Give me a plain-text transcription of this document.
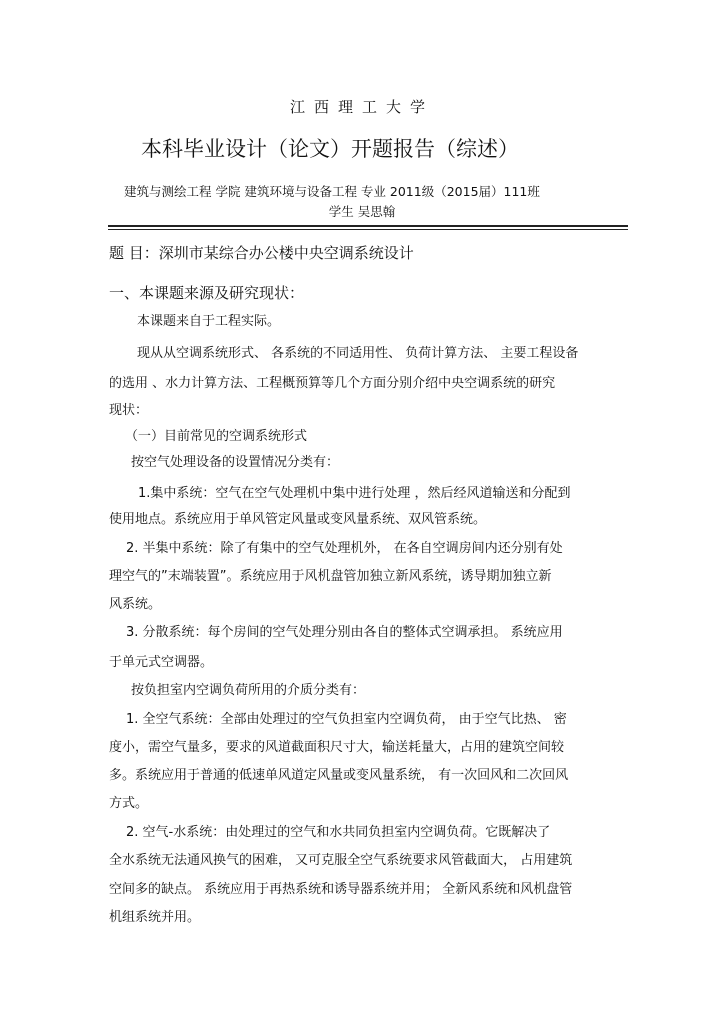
江西理工大学
本科毕业设计（论文）开题报告（综述）
建筑与测绘工程 学院 建筑环境与设备工程 专业 2011级（2015届）111班
学生 吴思翰
题 目：深圳市某综合办公楼中央空调系统设计
一、本课题来源及研究现状：
本课题来自于工程实际。
现从从空调系统形式、 各系统的不同适用性、 负荷计算方法、 主要工程设备
的选用 、水力计算方法、工程概预算等几个方面分别介绍中央空调系统的研究
现状：
（一）目前常见的空调系统形式
按空气处理设备的设置情况分类有：
1.集中系统：空气在空气处理机中集中进行处理 ，然后经风道输送和分配到
使用地点。系统应用于单风管定风量或变风量系统、双风管系统。
2. 半集中系统：除了有集中的空气处理机外， 在各自空调房间内还分别有处
理空气的”末端装置”。系统应用于风机盘管加独立新风系统，诱导期加独立新
风系统。
3. 分散系统：每个房间的空气处理分别由各自的整体式空调承担。 系统应用
于单元式空调器。
按负担室内空调负荷所用的介质分类有：
1. 全空气系统：全部由处理过的空气负担室内空调负荷， 由于空气比热、 密
度小，需空气量多，要求的风道截面积尺寸大，输送耗量大，占用的建筑空间较
多。系统应用于普通的低速单风道定风量或变风量系统， 有一次回风和二次回风
方式。
2. 空气-水系统：由处理过的空气和水共同负担室内空调负荷。它既解决了
全水系统无法通风换气的困难， 又可克服全空气系统要求风管截面大， 占用建筑
空间多的缺点。 系统应用于再热系统和诱导器系统并用； 全新风系统和风机盘管
机组系统并用。
